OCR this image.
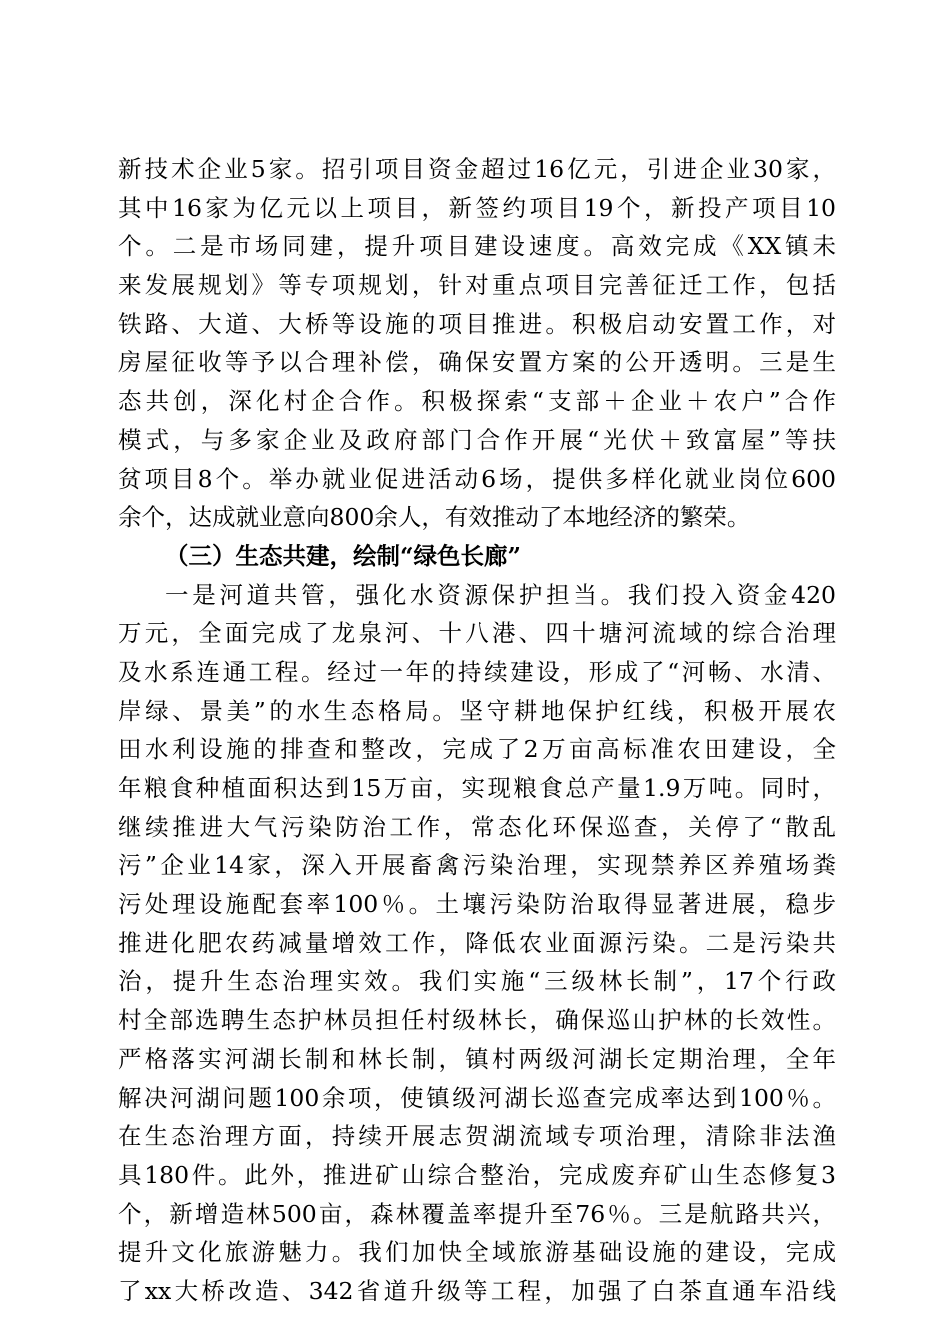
新技术企业5家。招引项目资金超过16亿元，引进企业30家，
其中16家为亿元以上项目，新签约项目19个，新投产项目10
个。二是市场同建，提升项目建设速度。高效完成《XX镇未
来发展规划》等专项规划，针对重点项目完善征迁工作，包括
铁路、大道、大桥等设施的项目推进。积极启动安置工作，对
房屋征收等予以合理补偿，确保安置方案的公开透明。三是生
态共创，深化村企合作。积极探索“支部＋企业＋农户”合作
模式，与多家企业及政府部门合作开展“光伏＋致富屋”等扶
贫项目8个。举办就业促进活动6场，提供多样化就业岗位600
余个，达成就业意向800余人，有效推动了本地经济的繁荣。
（三）生态共建，绘制“绿色长廊”
一是河道共管，强化水资源保护担当。我们投入资金420
万元，全面完成了龙泉河、十八港、四十塘河流域的综合治理
及水系连通工程。经过一年的持续建设，形成了“河畅、水清、
岸绿、景美”的水生态格局。坚守耕地保护红线，积极开展农
田水利设施的排查和整改，完成了2万亩高标准农田建设，全
年粮食种植面积达到15万亩，实现粮食总产量1.9万吨。同时，
继续推进大气污染防治工作，常态化环保巡查，关停了“散乱
污”企业14家，深入开展畜禽污染治理，实现禁养区养殖场粪
污处理设施配套率100％。土壤污染防治取得显著进展，稳步
推进化肥农药减量增效工作，降低农业面源污染。二是污染共
治，提升生态治理实效。我们实施“三级林长制”，17个行政
村全部选聘生态护林员担任村级林长，确保巡山护林的长效性。
严格落实河湖长制和林长制，镇村两级河湖长定期治理，全年
解决河湖问题100余项，使镇级河湖长巡查完成率达到100％。
在生态治理方面，持续开展志贺湖流域专项治理，清除非法渔
具180件。此外，推进矿山综合整治，完成废弃矿山生态修复3
个，新增造林500亩，森林覆盖率提升至76％。三是航路共兴，
提升文化旅游魅力。我们加快全域旅游基础设施的建设，完成
了xx大桥改造、342省道升级等工程，加强了白茶直通车沿线
